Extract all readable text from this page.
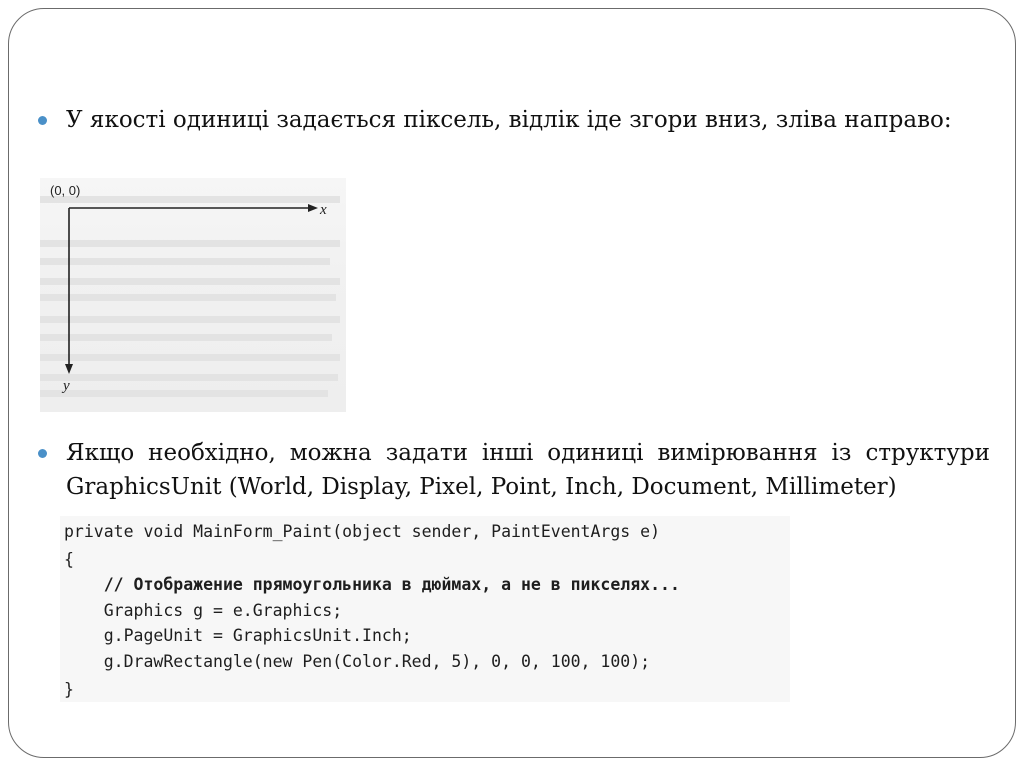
У якості одиниці задається піксель, відлік іде згори вниз, зліва направо:

(0, 0)
x
y

Якщо необхідно, можна задати інші одиниці вимірювання із структури GraphicsUnit (World, Display, Pixel, Point, Inch, Document, Millimeter)

private void MainForm_Paint(object sender, PaintEventArgs e)
{
// Отображение прямоугольника в дюймах, а не в пикселях...
Graphics g = e.Graphics;
g.PageUnit = GraphicsUnit.Inch;
g.DrawRectangle(new Pen(Color.Red, 5), 0, 0, 100, 100);
}
